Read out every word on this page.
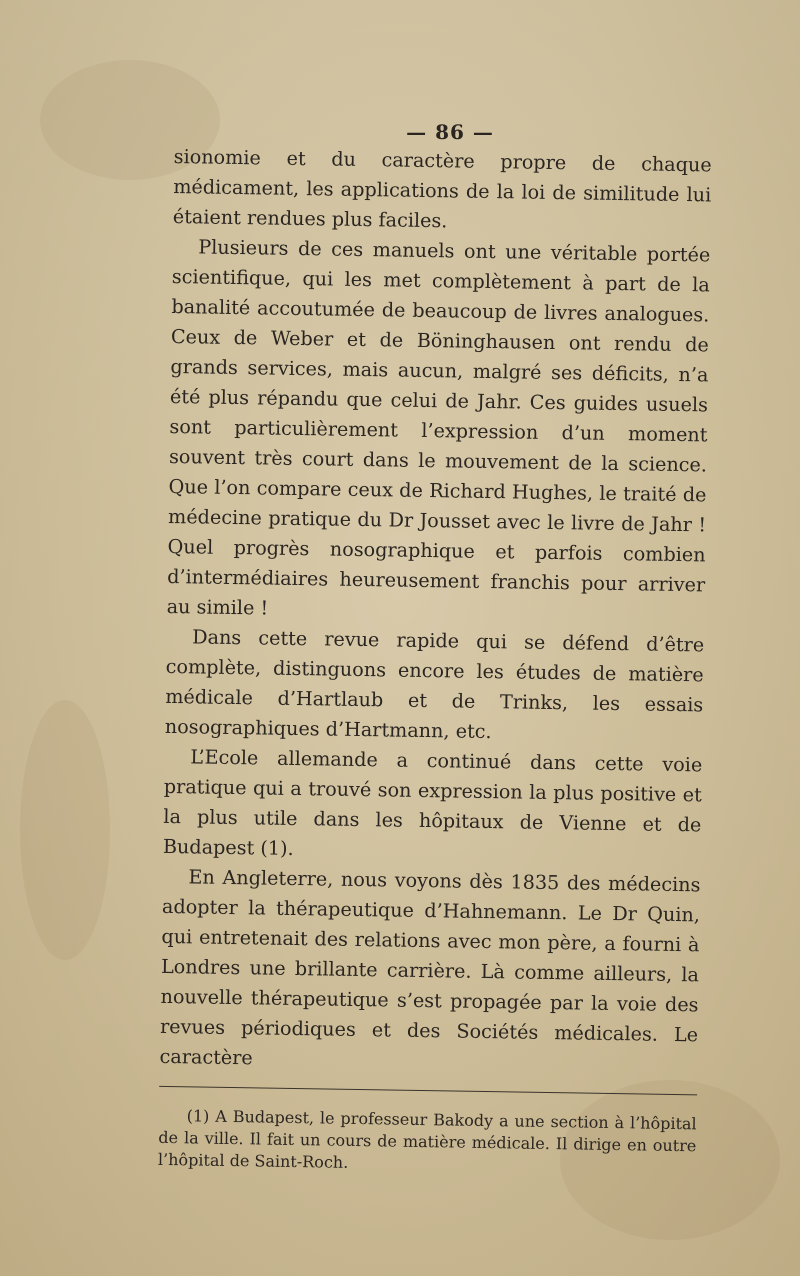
— 86 —

sionomie et du caractère propre de chaque médicament, les applications de la loi de similitude lui étaient rendues plus faciles.

Plusieurs de ces manuels ont une véritable portée scientifique, qui les met complètement à part de la banalité accoutumée de beaucoup de livres analogues. Ceux de Weber et de Böninghausen ont rendu de grands services, mais aucun, malgré ses déficits, n’a été plus répandu que celui de Jahr. Ces guides usuels sont particulièrement l’expression d’un moment souvent très court dans le mouvement de la science. Que l’on compare ceux de Richard Hughes, le traité de médecine pratique du Dr Jousset avec le livre de Jahr ! Quel progrès nosographique et parfois combien d’intermédiaires heureusement franchis pour arriver au simile !

Dans cette revue rapide qui se défend d’être complète, distinguons encore les études de matière médicale d’Hartlaub et de Trinks, les essais nosographiques d’Hartmann, etc.

L’Ecole allemande a continué dans cette voie pratique qui a trouvé son expression la plus positive et la plus utile dans les hôpitaux de Vienne et de Budapest (1).

En Angleterre, nous voyons dès 1835 des médecins adopter la thérapeutique d’Hahnemann. Le Dr Quin, qui entretenait des relations avec mon père, a fourni à Londres une brillante carrière. Là comme ailleurs, la nouvelle thérapeutique s’est propagée par la voie des revues périodiques et des Sociétés médicales. Le caractère

(1) A Budapest, le professeur Bakody a une section à l’hôpital de la ville. Il fait un cours de matière médicale. Il dirige en outre l’hôpital de Saint-Roch.
